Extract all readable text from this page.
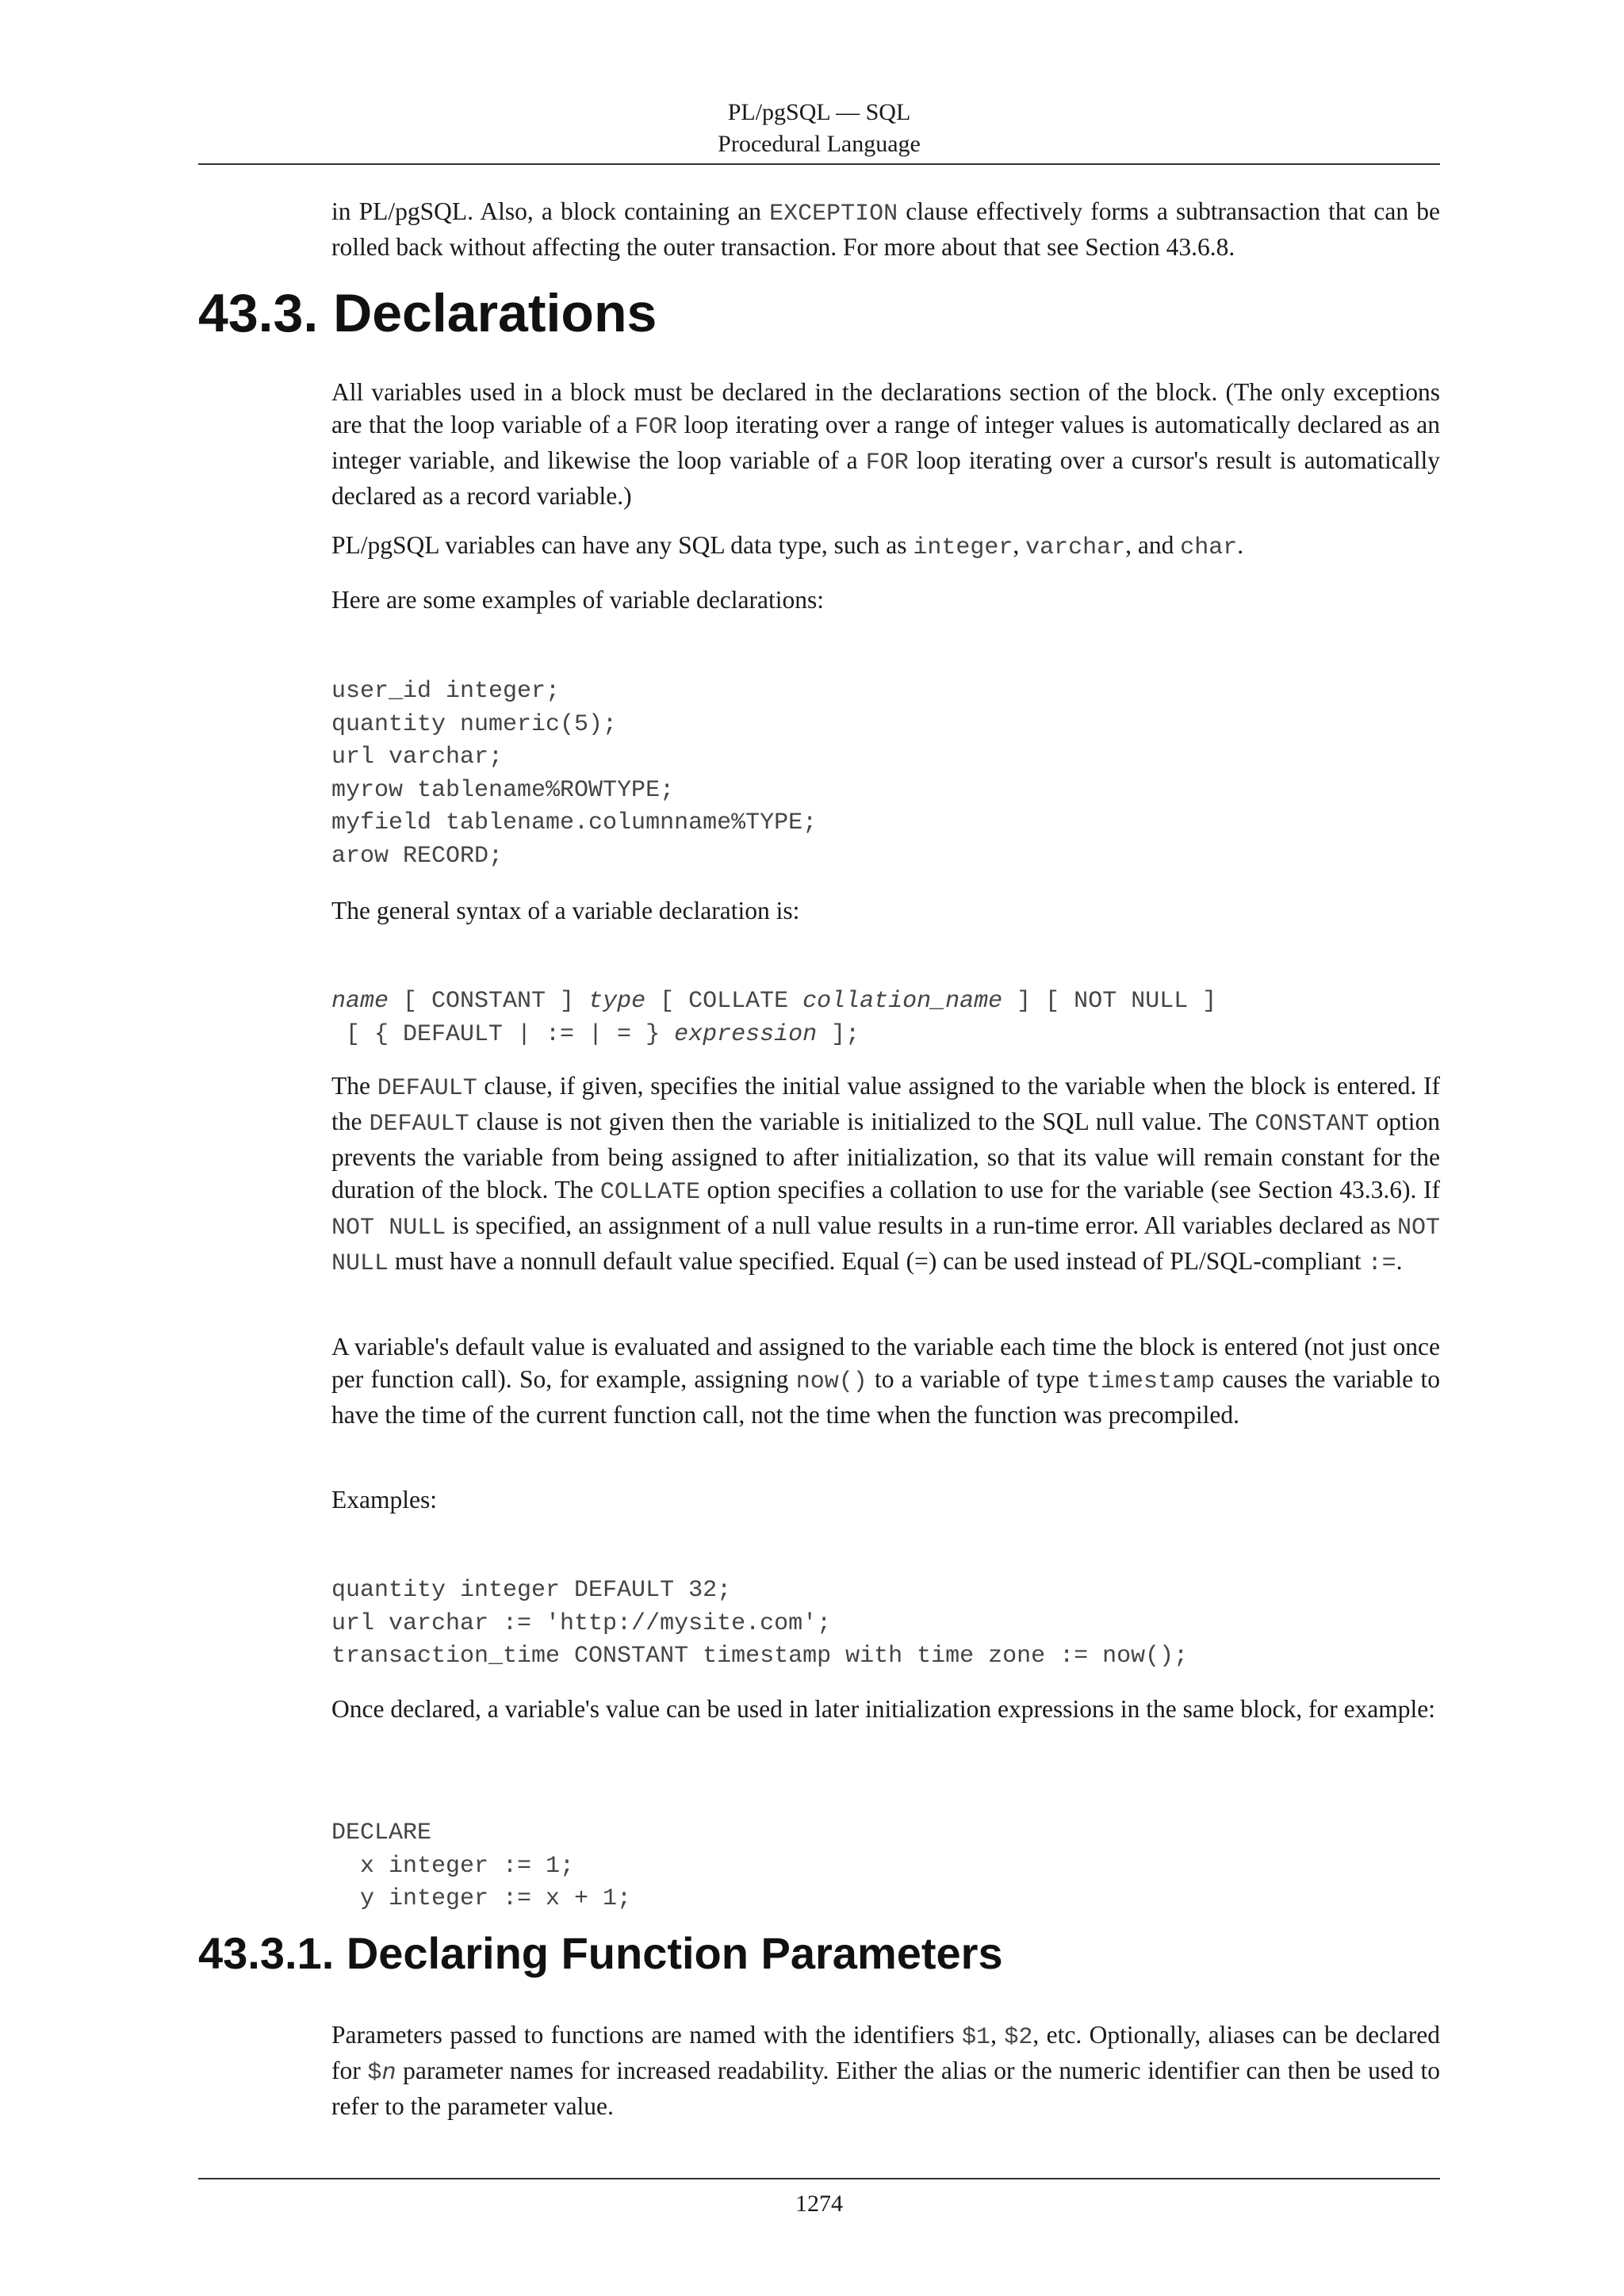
PL/pgSQL — SQL
Procedural Language

in PL/pgSQL. Also, a block containing an EXCEPTION clause effectively forms a subtransaction that can be rolled back without affecting the outer transaction. For more about that see Section 43.6.8.

43.3. Declarations

All variables used in a block must be declared in the declarations section of the block. (The only exceptions are that the loop variable of a FOR loop iterating over a range of integer values is automatically declared as an integer variable, and likewise the loop variable of a FOR loop iterating over a cursor's result is automatically declared as a record variable.)

PL/pgSQL variables can have any SQL data type, such as integer, varchar, and char.

Here are some examples of variable declarations:

user_id integer;
quantity numeric(5);
url varchar;
myrow tablename%ROWTYPE;
myfield tablename.columnname%TYPE;
arow RECORD;

The general syntax of a variable declaration is:

name [ CONSTANT ] type [ COLLATE collation_name ] [ NOT NULL ]
[ { DEFAULT | := | = } expression ];

The DEFAULT clause, if given, specifies the initial value assigned to the variable when the block is entered. If the DEFAULT clause is not given then the variable is initialized to the SQL null value. The CONSTANT option prevents the variable from being assigned to after initialization, so that its value will remain constant for the duration of the block. The COLLATE option specifies a collation to use for the variable (see Section 43.3.6). If NOT NULL is specified, an assignment of a null value results in a run-time error. All variables declared as NOT NULL must have a nonnull default value specified. Equal (=) can be used instead of PL/SQL-compliant :=.

A variable's default value is evaluated and assigned to the variable each time the block is entered (not just once per function call). So, for example, assigning now() to a variable of type timestamp causes the variable to have the time of the current function call, not the time when the function was precompiled.

Examples:

quantity integer DEFAULT 32;
url varchar := 'http://mysite.com';
transaction_time CONSTANT timestamp with time zone := now();

Once declared, a variable's value can be used in later initialization expressions in the same block, for example:

DECLARE
x integer := 1;
y integer := x + 1;
43.3.1. Declaring Function Parameters

Parameters passed to functions are named with the identifiers $1, $2, etc. Optionally, aliases can be declared for $n parameter names for increased readability. Either the alias or the numeric identifier can then be used to refer to the parameter value.

1274
